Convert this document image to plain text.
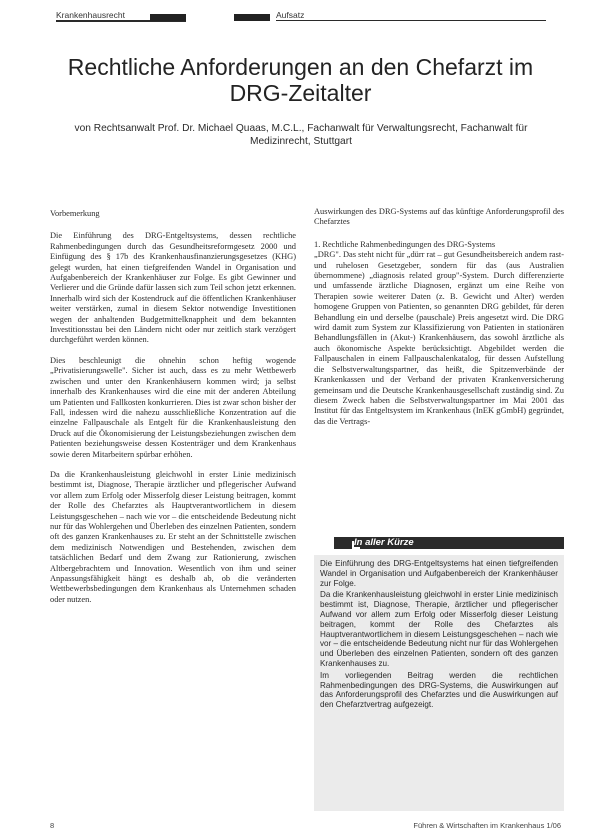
Krankenhausrecht	Aufsatz
Rechtliche Anforderungen an den Chefarzt im DRG-Zeitalter
von Rechtsanwalt Prof. Dr. Michael Quaas, M.C.L., Fachanwalt für Verwaltungsrecht, Fachanwalt für Medizinrecht, Stuttgart

Vorbemerkung

Die Einführung des DRG-Entgeltsystems, dessen rechtliche Rahmenbedingungen durch das Gesundheitsreformgesetz 2000 und Einfügung des § 17b des Krankenhausfinanzierungsgesetzes (KHG) gelegt wurden, hat einen tiefgreifenden Wandel in Organisation und Aufgabenbereich der Krankenhäuser zur Folge. Es gibt Gewinner und Verlierer und die Gründe dafür lassen sich zum Teil schon jetzt erkennen. Innerhalb wird sich der Kostendruck auf die öffentlichen Krankenhäuser weiter verstärken, zumal in diesem Sektor notwendige Investitionen wegen der anhaltenden Budgetmittelknappheit und dem bekannten Investitionsstau bei den Ländern nicht oder nur zeitlich stark verzögert durchgeführt werden können.

Dies beschleunigt die ohnehin schon heftig wogende „Privatisierungswelle". Sicher ist auch, dass es zu mehr Wettbewerb zwischen und unter den Krankenhäusern kommen wird; ja selbst innerhalb des Krankenhauses wird die eine mit der anderen Abteilung um Patienten und Fallkosten konkurrieren. Dies ist zwar schon bisher der Fall, indessen wird die nahezu ausschließliche Konzentration auf die einzelne Fallpauschale als Entgelt für die Krankenhausleistung den Druck auf die Ökonomisierung der Leistungsbeziehungen zwischen dem Patienten beziehungsweise dessen Kostenträger und dem Krankenhaus sowie deren Mitarbeitern spürbar erhöhen.

Da die Krankenhausleistung gleichwohl in erster Linie medizinisch bestimmt ist, Diagnose, Therapie ärztlicher und pflegerischer Aufwand vor allem zum Erfolg oder Misserfolg dieser Leistung beitragen, kommt der Rolle des Chefarztes als Hauptverantwortlichem in diesem Leistungsgeschehen – nach wie vor – die entscheidende Bedeutung nicht nur für das Wohlergehen und Überleben des einzelnen Patienten, sondern oft des ganzen Krankenhauses zu. Er steht an der Schnittstelle zwischen dem medizinisch Notwendigen und Bestehenden, zwischen dem tatsächlichen Bedarf und dem Zwang zur Rationierung, zwischen Altbergebrachtem und Innovation. Wesentlich von ihm und seiner Anpassungsfähigkeit hängt es deshalb ab, ob die veränderten Wettbewerbsbedingungen dem Krankenhaus als Unternehmen schaden oder nutzen.

Auswirkungen des DRG-Systems auf das künftige Anforderungsprofil des Chefarztes

1. Rechtliche Rahmenbedingungen des DRG-Systems

„DRG". Das steht nicht für „dürr rat – gut Gesundheitsbereich andem rast- und ruhelosen Gesetzgeber, sondern für das (aus Australien übernommene) „diagnosis related group"-System. Durch differenzierte und umfassende ärztliche Diagnosen, ergänzt um eine Reihe von Therapien sowie weiterer Daten (z. B. Gewicht und Alter) werden homogene Gruppen von Patienten, so genannten DRG gebildet, für deren Behandlung ein und derselbe (pauschale) Preis angesetzt wird. Die DRG wird damit zum System zur Klassifizierung von Patienten in stationären Behandlungsfällen in (Akut-) Krankenhäusern, das sowohl ärztliche als auch ökonomische Aspekte berücksichtigt. Abgebildet werden die Fallpauschalen in einem Fallpauschalenkatalog, für dessen Aufstellung die Selbstverwaltungspartner, das heißt, die Spitzenverbände der Krankenkassen und der Verband der privaten Krankenversicherung gemeinsam und die Deutsche Krankenhausgesellschaft zuständig sind. Zu diesem Zweck haben die Selbstverwaltungspartner im Mai 2001 das Institut für das Entgeltsystem im Krankenhaus (InEK gGmbH) gegründet, das die Vertrags-

In aller Kürze

Die Einführung des DRG-Entgeltsystems hat einen tiefgreifenden Wandel in Organisation und Aufgabenbereich der Krankenhäuser zur Folge.

Da die Krankenhausleistung gleichwohl in erster Linie medizinisch bestimmt ist, Diagnose, Therapie, ärztlicher und pflegerischer Aufwand vor allem zum Erfolg oder Misserfolg dieser Leistung beitragen, kommt der Rolle des Chefarztes als Hauptverantwortlichem in diesem Leistungsgeschehen – nach wie vor – die entscheidende Bedeutung nicht nur für das Wohlergehen und Überleben des einzelnen Patienten, sondern oft des ganzen Krankenhauses zu.

Im vorliegenden Beitrag werden die rechtlichen Rahmenbedingungen des DRG-Systems, die Auswirkungen auf das Anforderungsprofil des Chefarztes und die Auswirkungen auf den Chefarztvertrag aufgezeigt.

8	Führen & Wirtschaften im Krankenhaus 1/06
